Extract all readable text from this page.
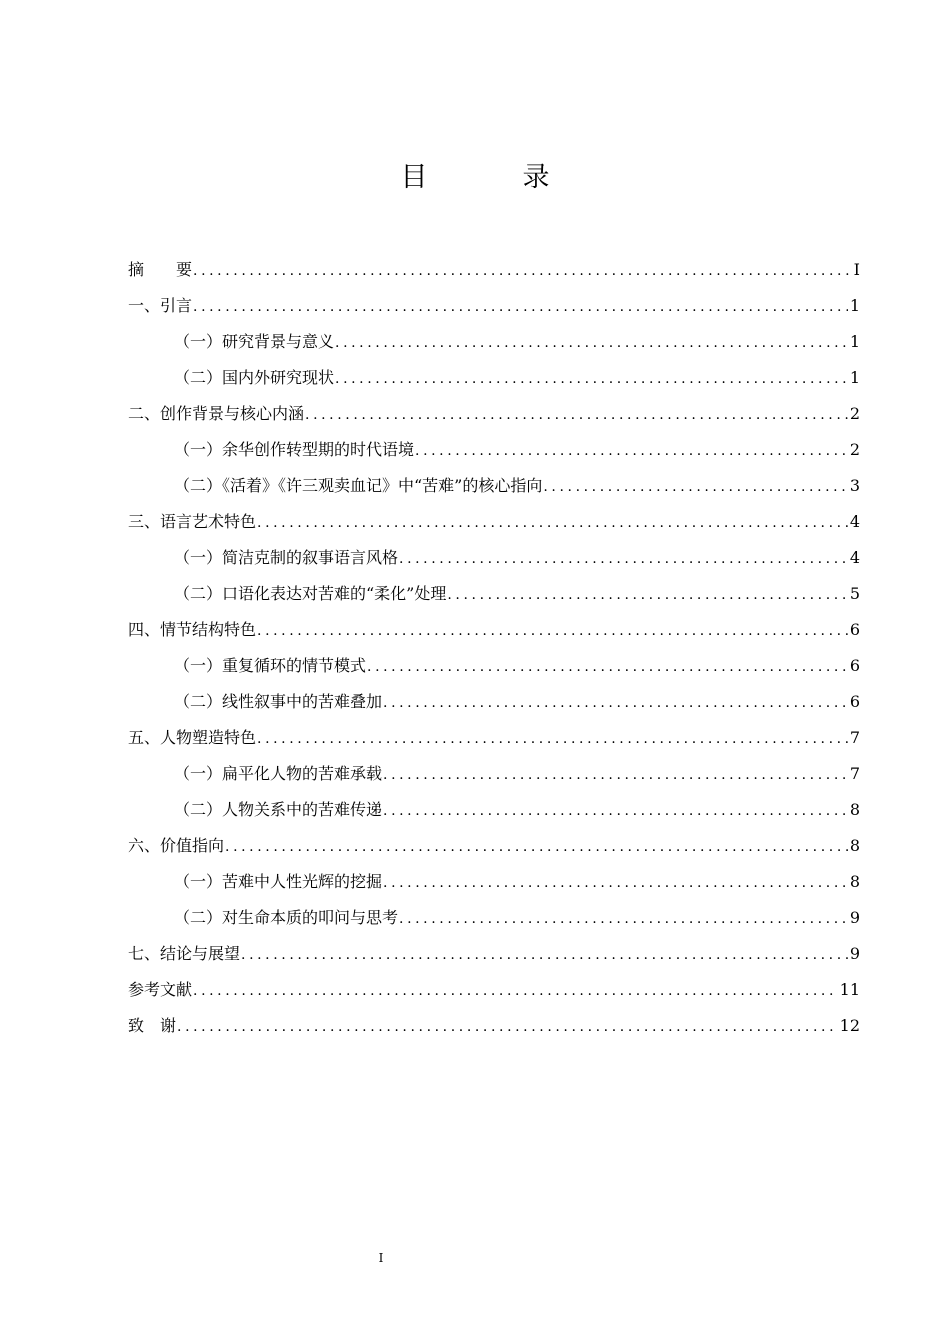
目　录
摘　　要 .....	I
一、引言 .....	1
（一）研究背景与意义 .....	1
（二）国内外研究现状 .....	1
二、创作背景与核心内涵 .....	2
（一）余华创作转型期的时代语境 .....	2
（二）《活着》《许三观卖血记》中“苦难”的核心指向 .....	3
三、语言艺术特色 .....	4
（一）简洁克制的叙事语言风格 .....	4
（二）口语化表达对苦难的“柔化”处理 .....	5
四、情节结构特色 .....	6
（一）重复循环的情节模式 .....	6
（二）线性叙事中的苦难叠加 .....	6
五、人物塑造特色 .....	7
（一）扁平化人物的苦难承载 .....	7
（二）人物关系中的苦难传递 .....	8
六、价值指向 .....	8
（一）苦难中人性光辉的挖掘 .....	8
（二）对生命本质的叩问与思考 .....	9
七、结论与展望 .....	9
参考文献 .....	11
致　谢 .....	12
I
